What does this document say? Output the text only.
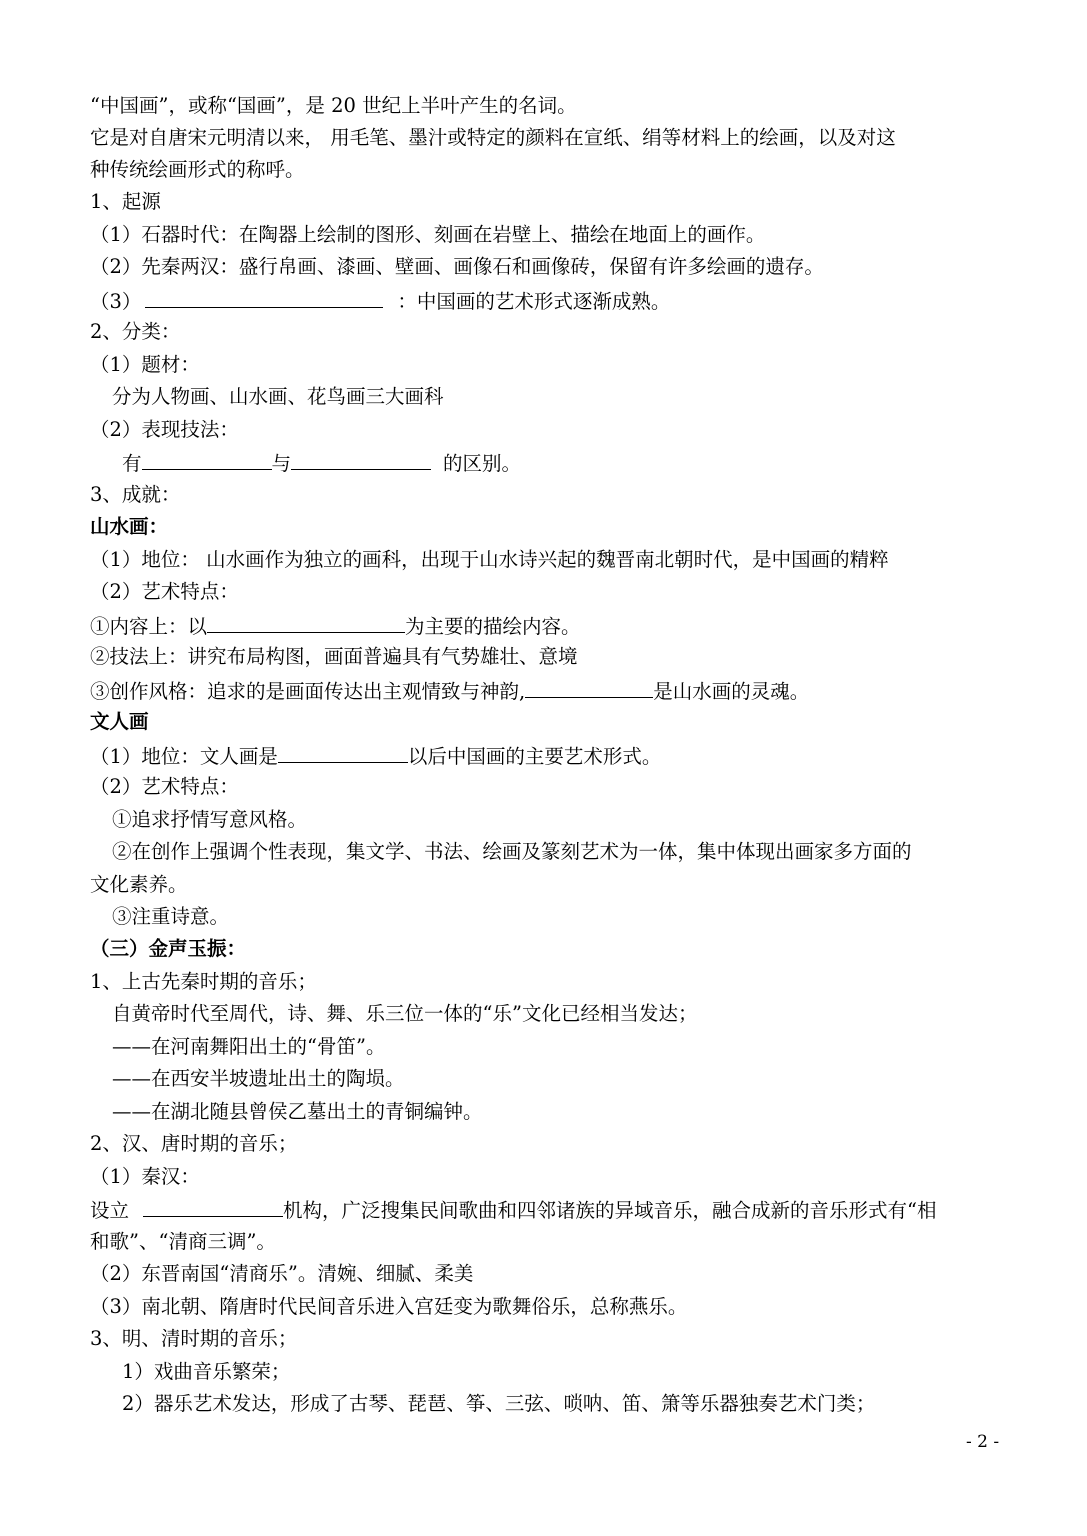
“中国画”，或称“国画”，是 20 世纪上半叶产生的名词。
它是对自唐宋元明清以来， 用毛笔、墨汁或特定的颜料在宣纸、绢等材料上的绘画，以及对这
种传统绘画形式的称呼。
1、起源
（1）石器时代：在陶器上绘制的图形、刻画在岩壁上、描绘在地面上的画作。
（2）先秦两汉：盛行帛画、漆画、壁画、画像石和画像砖，保留有许多绘画的遗存。
（3）	：中国画的艺术形式逐渐成熟。
2、分类：
（1）题材：
分为人物画、山水画、花鸟画三大画科
（2）表现技法：
有	与	的区别。
3、成就：
山水画：
（1）地位： 山水画作为独立的画科，出现于山水诗兴起的魏晋南北朝时代，是中国画的精粹
（2）艺术特点：
①内容上：以	为主要的描绘内容。
②技法上：讲究布局构图，画面普遍具有气势雄壮、意境
③创作风格：追求的是画面传达出主观情致与神韵,	是山水画的灵魂。
文人画
（1）地位：文人画是	以后中国画的主要艺术形式。
（2）艺术特点：
①追求抒情写意风格。
②在创作上强调个性表现，集文学、书法、绘画及篆刻艺术为一体，集中体现出画家多方面的
文化素养。
③注重诗意。
（三）金声玉振：
1、上古先秦时期的音乐；
自黄帝时代至周代，诗、舞、乐三位一体的“乐”文化已经相当发达；
——在河南舞阳出土的“骨笛”。
——在西安半坡遗址出土的陶埙。
——在湖北随县曾侯乙墓出土的青铜编钟。
2、汉、唐时期的音乐；
（1）秦汉：
设立	机构，广泛搜集民间歌曲和四邻诸族的异域音乐，融合成新的音乐形式有“相
和歌”、“清商三调”。
（2）东晋南国“清商乐”。清婉、细腻、柔美
（3）南北朝、隋唐时代民间音乐进入宫廷变为歌舞俗乐，总称燕乐。
3、明、清时期的音乐；
1）戏曲音乐繁荣；
2）器乐艺术发达，形成了古琴、琵琶、筝、三弦、唢呐、笛、箫等乐器独奏艺术门类；
- 2 -
